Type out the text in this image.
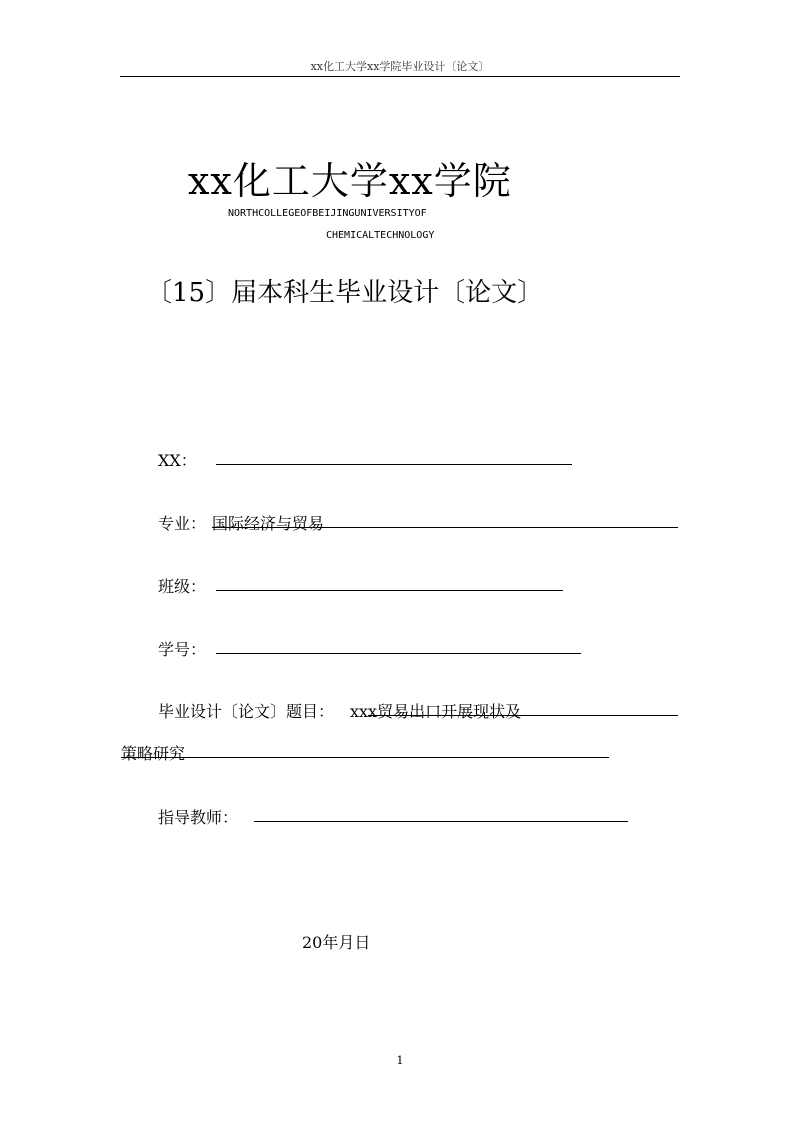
xx化工大学xx学院毕业设计〔论文〕
xx化工大学xx学院
NORTHCOLLEGEOFBEIJINGUNIVERSITYOF
CHEMICALTECHNOLOGY
〔15〕届本科生毕业设计〔论文〕
XX：
专业： 国际经济与贸易
班级：
学号：
毕业设计〔论文〕题目： xxx贸易出口开展现状及
策略研究
指导教师：
20年月日
1
